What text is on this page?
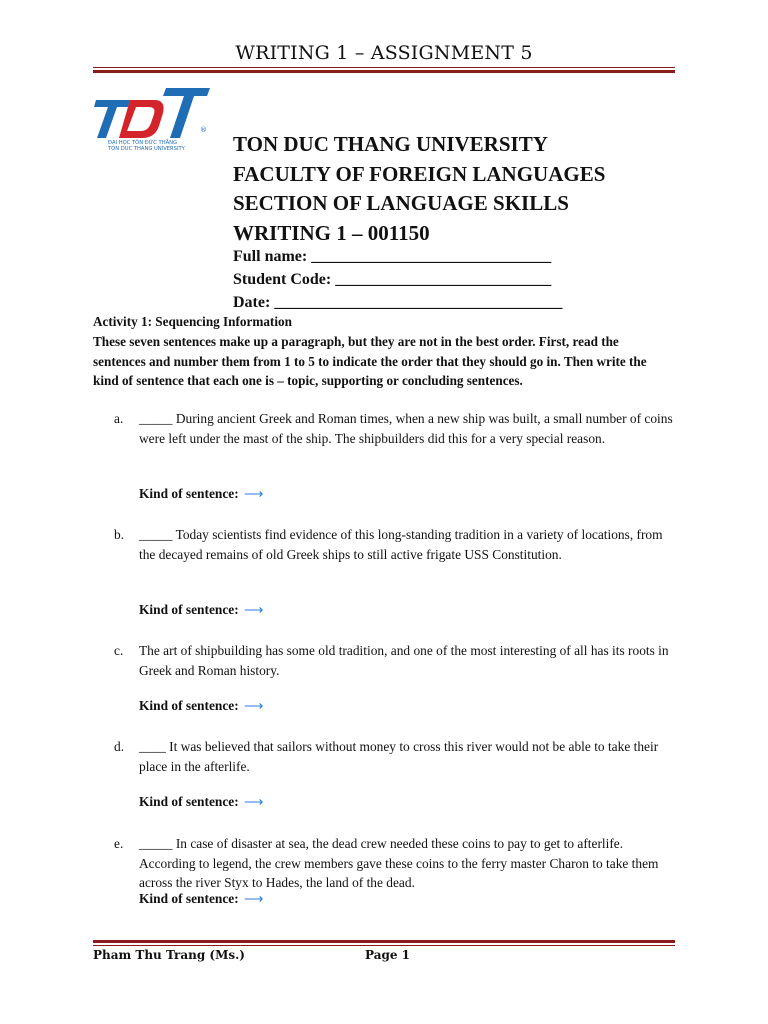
WRITING 1 – ASSIGNMENT 5
®
ĐẠI HỌC TÔN ĐỨC THẮNG
TON DUC THANG UNIVERSITY TON DUC THANG UNIVERSITY
FACULTY OF FOREIGN LANGUAGES
SECTION OF LANGUAGE SKILLS
WRITING 1 – 001150
Full name: ______________________________
Student Code: ___________________________
Date: ____________________________________
Activity 1: Sequencing Information
These seven sentences make up a paragraph, but they are not in the best order. First, read the sentences and number them from 1 to 5 to indicate the order that they should go in. Then write the kind of sentence that each one is – topic, supporting or concluding sentences.
a.	_____ During ancient Greek and Roman times, when a new ship was built, a small number of coins were left under the mast of the ship. The shipbuilders did this for a very special reason.
Kind of sentence: ⟶
b.	_____ Today scientists find evidence of this long-standing tradition in a variety of locations, from the decayed remains of old Greek ships to still active frigate USS Constitution.
Kind of sentence: ⟶
c.	The art of shipbuilding has some old tradition, and one of the most interesting of all has its roots in Greek and Roman history.
Kind of sentence: ⟶
d.	____ It was believed that sailors without money to cross this river would not be able to take their place in the afterlife.
Kind of sentence: ⟶
e.	_____ In case of disaster at sea, the dead crew needed these coins to pay to get to afterlife. According to legend, the crew members gave these coins to the ferry master Charon to take them across the river Styx to Hades, the land of the dead.
Kind of sentence: ⟶
Pham Thu Trang (Ms.)	Page 1
